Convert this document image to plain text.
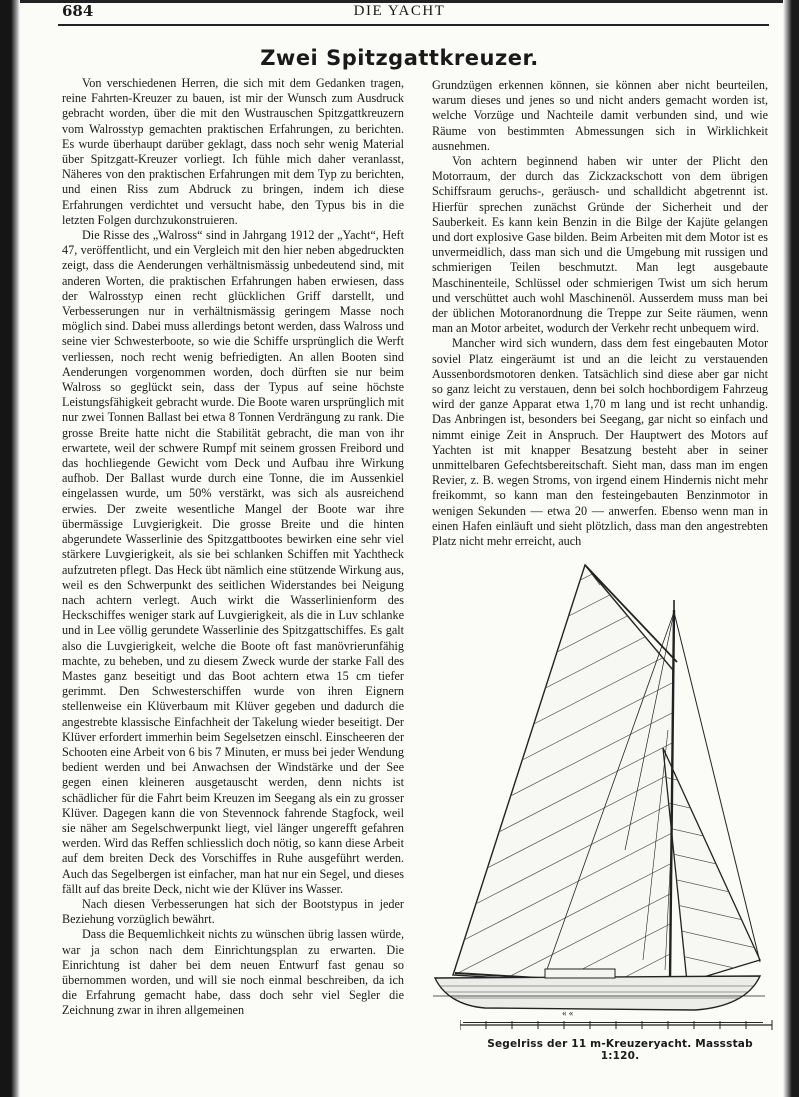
684	DIE YACHT
Zwei Spitzgattkreuzer.

Von verschiedenen Herren, die sich mit dem Gedanken tragen, reine Fahrten-Kreuzer zu bauen, ist mir der Wunsch zum Ausdruck gebracht worden, über die mit den Wustrauschen Spitzgattkreuzern vom Walrosstyp gemachten praktischen Erfahrungen, zu berichten. Es wurde überhaupt darüber geklagt, dass noch sehr wenig Material über Spitzgatt-Kreuzer vorliegt. Ich fühle mich daher veranlasst, Näheres von den praktischen Erfahrungen mit dem Typ zu berichten, und einen Riss zum Abdruck zu bringen, indem ich diese Erfahrungen verdichtet und versucht habe, den Typus bis in die letzten Folgen durchzukonstruieren.

Die Risse des „Walross“ sind in Jahrgang 1912 der „Yacht“, Heft 47, veröffentlicht, und ein Vergleich mit den hier neben abgedruckten zeigt, dass die Aenderungen verhältnismässig unbedeutend sind, mit anderen Worten, die praktischen Erfahrungen haben erwiesen, dass der Walrosstyp einen recht glücklichen Griff darstellt, und Verbesserungen nur in verhältnismässig geringem Masse noch möglich sind. Dabei muss allerdings betont werden, dass Walross und seine vier Schwesterboote, so wie die Schiffe ursprünglich die Werft verliessen, noch recht wenig befriedigten. An allen Booten sind Aenderungen vorgenommen worden, doch dürften sie nur beim Walross so geglückt sein, dass der Typus auf seine höchste Leistungsfähigkeit gebracht wurde. Die Boote waren ursprünglich mit nur zwei Tonnen Ballast bei etwa 8 Tonnen Verdrängung zu rank. Die grosse Breite hatte nicht die Stabilität gebracht, die man von ihr erwartete, weil der schwere Rumpf mit seinem grossen Freibord und das hochliegende Gewicht vom Deck und Aufbau ihre Wirkung aufhob. Der Ballast wurde durch eine Tonne, die im Aussenkiel eingelassen wurde, um 50% verstärkt, was sich als ausreichend erwies. Der zweite wesentliche Mangel der Boote war ihre übermässige Luvgierigkeit. Die grosse Breite und die hinten abgerundete Wasserlinie des Spitzgattbootes bewirken eine sehr viel stärkere Luvgierigkeit, als sie bei schlanken Schiffen mit Yachtheck aufzutreten pflegt. Das Heck übt nämlich eine stützende Wirkung aus, weil es den Schwerpunkt des seitlichen Widerstandes bei Neigung nach achtern verlegt. Auch wirkt die Wasserlinienform des Heckschiffes weniger stark auf Luvgierigkeit, als die in Luv schlanke und in Lee völlig gerundete Wasserlinie des Spitzgattschiffes. Es galt also die Luvgierigkeit, welche die Boote oft fast manövrierunfähig machte, zu beheben, und zu diesem Zweck wurde der starke Fall des Mastes ganz beseitigt und das Boot achtern etwa 15 cm tiefer gerimmt. Den Schwesterschiffen wurde von ihren Eignern stellenweise ein Klüverbaum mit Klüver gegeben und dadurch die angestrebte klassische Einfachheit der Takelung wieder beseitigt. Der Klüver erfordert immerhin beim Segelsetzen einschl. Einscheeren der Schooten eine Arbeit von 6 bis 7 Minuten, er muss bei jeder Wendung bedient werden und bei Anwachsen der Windstärke und der See gegen einen kleineren ausgetauscht werden, denn nichts ist schädlicher für die Fahrt beim Kreuzen im Seegang als ein zu grosser Klüver. Dagegen kann die von Stevennock fahrende Stagfock, weil sie näher am Segelschwerpunkt liegt, viel länger ungerefft gefahren werden. Wird das Reffen schliesslich doch nötig, so kann diese Arbeit auf dem breiten Deck des Vorschiffes in Ruhe ausgeführt werden. Auch das Segelbergen ist einfacher, man hat nur ein Segel, und dieses fällt auf das breite Deck, nicht wie der Klüver ins Wasser.

Nach diesen Verbesserungen hat sich der Bootstypus in jeder Beziehung vorzüglich bewährt.

Dass die Bequemlichkeit nichts zu wünschen übrig lassen würde, war ja schon nach dem Einrichtungsplan zu erwarten. Die Einrichtung ist daher bei dem neuen Entwurf fast genau so übernommen worden, und will sie noch einmal beschreiben, da ich die Erfahrung gemacht habe, dass doch sehr viel Segler die Zeichnung zwar in ihren allgemeinen

Grundzügen erkennen können, sie können aber nicht beurteilen, warum dieses und jenes so und nicht anders gemacht worden ist, welche Vorzüge und Nachteile damit verbunden sind, und wie Räume von bestimmten Abmessungen sich in Wirklichkeit ausnehmen.

Von achtern beginnend haben wir unter der Plicht den Motorraum, der durch das Zickzackschott von dem übrigen Schiffsraum geruchs-, geräusch- und schalldicht abgetrennt ist. Hierfür sprechen zunächst Gründe der Sicherheit und der Sauberkeit. Es kann kein Benzin in die Bilge der Kajüte gelangen und dort explosive Gase bilden. Beim Arbeiten mit dem Motor ist es unvermeidlich, dass man sich und die Umgebung mit russigen und schmierigen Teilen beschmutzt. Man legt ausgebaute Maschinenteile, Schlüssel oder schmierigen Twist um sich herum und verschüttet auch wohl Maschinenöl. Ausserdem muss man bei der üblichen Motoranordnung die Treppe zur Seite räumen, wenn man an Motor arbeitet, wodurch der Verkehr recht unbequem wird.

Mancher wird sich wundern, dass dem fest eingebauten Motor soviel Platz eingeräumt ist und an die leicht zu verstauenden Aussenbordsmotoren denken. Tatsächlich sind diese aber gar nicht so ganz leicht zu verstauen, denn bei solch hochbordigem Fahrzeug wird der ganze Apparat etwa 1,70 m lang und ist recht unhandig. Das Anbringen ist, besonders bei Seegang, gar nicht so einfach und nimmt einige Zeit in Anspruch. Der Hauptwert des Motors auf Yachten ist mit knapper Besatzung besteht aber in seiner unmittelbaren Gefechtsbereitschaft. Sieht man, dass man im engen Revier, z. B. wegen Stroms, von irgend einem Hindernis nicht mehr freikommt, so kann man den festeingebauten Benzinmotor in wenigen Sekunden — etwa 20 — anwerfen. Ebenso wenn man in einen Hafen einläuft und sieht plötzlich, dass man den angestrebten Platz nicht mehr erreicht, auch

« «
Segelriss der 11 m-Kreuzeryacht. Massstab 1:120.
